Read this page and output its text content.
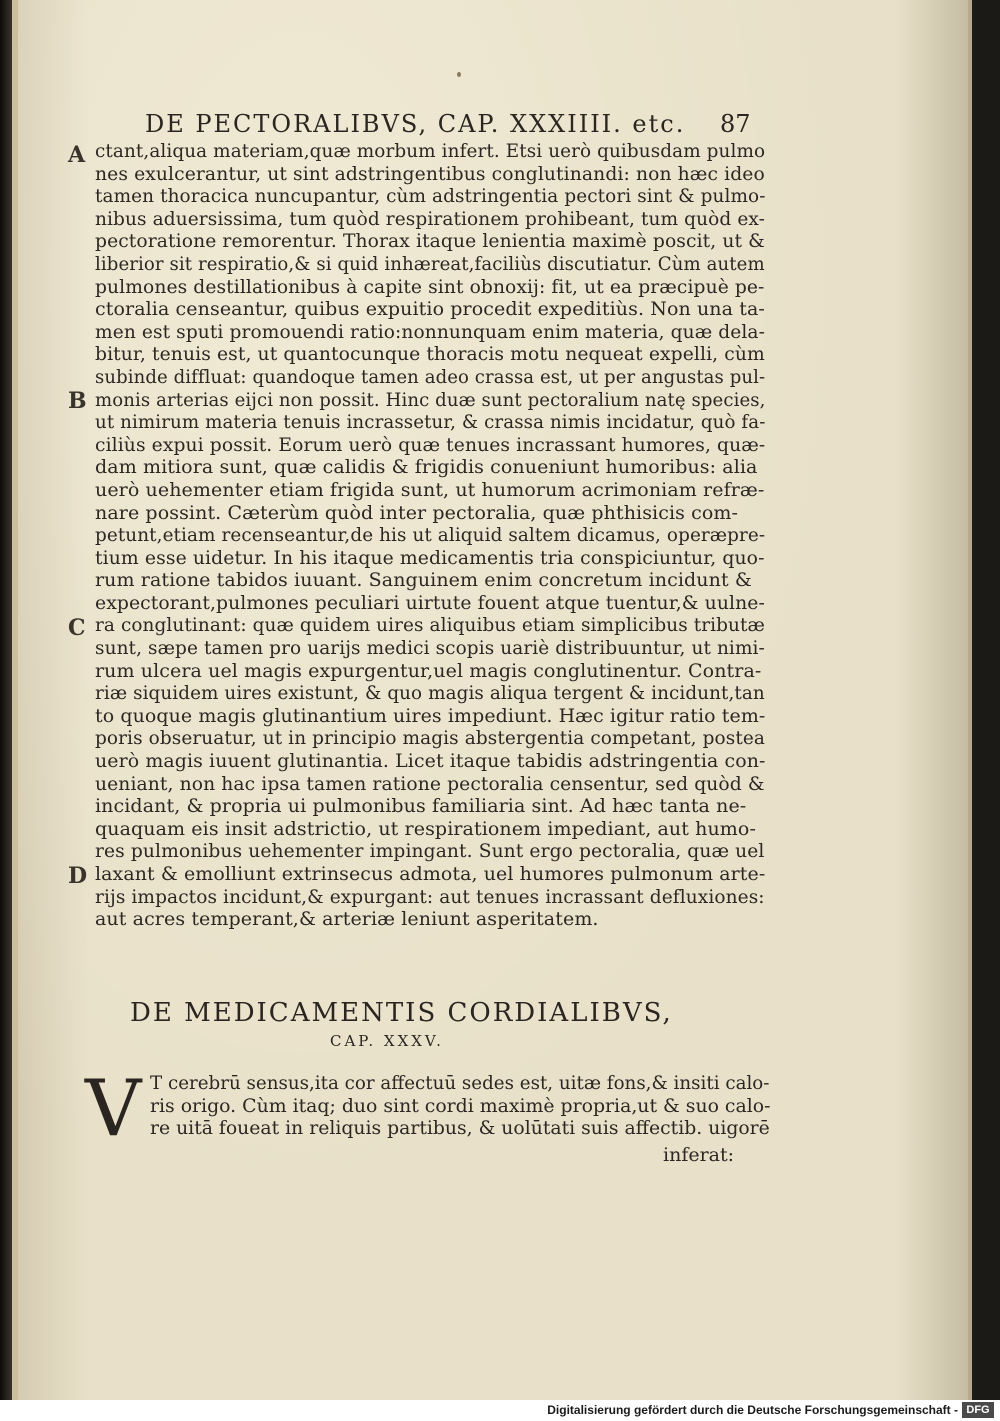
DE PECTORALIBVS, CAP. XXXIIII. etc.	87
A
B
C
D
ctant,aliqua materiam,quæ morbum infert. Etsi uerò quibusdam pulmo
nes exulcerantur, ut sint adstringentibus conglutinandi: non hæc ideo
tamen thoracica nuncupantur, cùm adstringentia pectori sint & pulmo-
nibus aduersissima, tum quòd respirationem prohibeant, tum quòd ex-
pectoratione remorentur. Thorax itaque lenientia maximè poscit, ut &
liberior sit respiratio,& si quid inhæreat,faciliùs discutiatur. Cùm autem
pulmones destillationibus à capite sint obnoxij: fit, ut ea præcipuè pe-
ctoralia censeantur, quibus expuitio procedit expeditiùs. Non una ta-
men est sputi promouendi ratio:nonnunquam enim materia, quæ dela-
bitur, tenuis est, ut quantocunque thoracis motu nequeat expelli, cùm
subinde diffluat: quandoque tamen adeo crassa est, ut per angustas pul-
monis arterias eijci non possit. Hinc duæ sunt pectoralium natę species,
ut nimirum materia tenuis incrassetur, & crassa nimis incidatur, quò fa-
ciliùs expui possit. Eorum uerò quæ tenues incrassant humores, quæ-
dam mitiora sunt, quæ calidis & frigidis conueniunt humoribus: alia
uerò uehementer etiam frigida sunt, ut humorum acrimoniam refræ-
nare possint. Cæterùm quòd inter pectoralia, quæ phthisicis com-
petunt,etiam recenseantur,de his ut aliquid saltem dicamus, operæpre-
tium esse uidetur. In his itaque medicamentis tria conspiciuntur, quo-
rum ratione tabidos iuuant. Sanguinem enim concretum incidunt &
expectorant,pulmones peculiari uirtute fouent atque tuentur,& uulne-
ra conglutinant: quæ quidem uires aliquibus etiam simplicibus tributæ
sunt, sæpe tamen pro uarijs medici scopis uariè distribuuntur, ut nimi-
rum ulcera uel magis expurgentur,uel magis conglutinentur. Contra-
riæ siquidem uires existunt, & quo magis aliqua tergent & incidunt,tan
to quoque magis glutinantium uires impediunt. Hæc igitur ratio tem-
poris obseruatur, ut in principio magis abstergentia competant, postea
uerò magis iuuent glutinantia. Licet itaque tabidis adstringentia con-
ueniant, non hac ipsa tamen ratione pectoralia censentur, sed quòd &
incidant, & propria ui pulmonibus familiaria sint. Ad hæc tanta ne-
quaquam eis insit adstrictio, ut respirationem impediant, aut humo-
res pulmonibus uehementer impingant. Sunt ergo pectoralia, quæ uel
laxant & emolliunt extrinsecus admota, uel humores pulmonum arte-
rijs impactos incidunt,& expurgant: aut tenues incrassant defluxiones:
aut acres temperant,& arteriæ leniunt asperitatem.
DE MEDICAMENTIS CORDIALIBVS,
CAP. XXXV.
V T cerebrū sensus,ita cor affectuū sedes est, uitæ fons,& insiti calo-
ris origo. Cùm itaq; duo sint cordi maximè propria,ut & suo calo-
re uitā foueat in reliquis partibus, & uolūtati suis affectib. uigorē
inferat:
Digitalisierung gefördert durch die Deutsche Forschungsgemeinschaft - DFG
